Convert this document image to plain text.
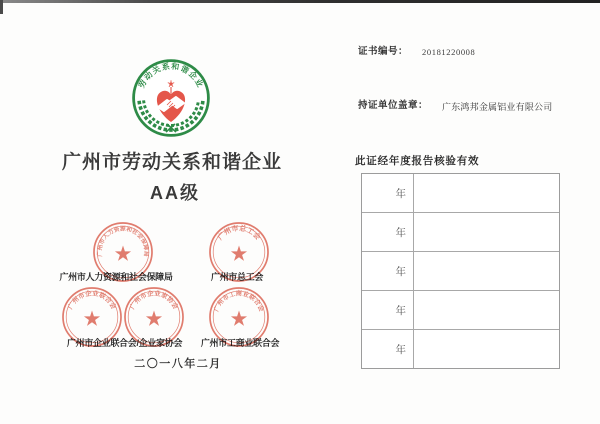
劳动关系和谐企业
广州市劳动关系和谐企业
AA级
广州市人力资源和社会保障局	广州市总工会
广州市企业联合会/企业家协会	广州市工商业联合会
二〇一八年二月
广州市人力资源和社会保障局
广州市总工会
广州市企业联合会	广州市企业家协会	广州市工商业联合会
证书编号： 20181220008
持证单位盖章： 广东鸿邦金属铝业有限公司
此证经年度报告核验有效
年
年
年
年
年
